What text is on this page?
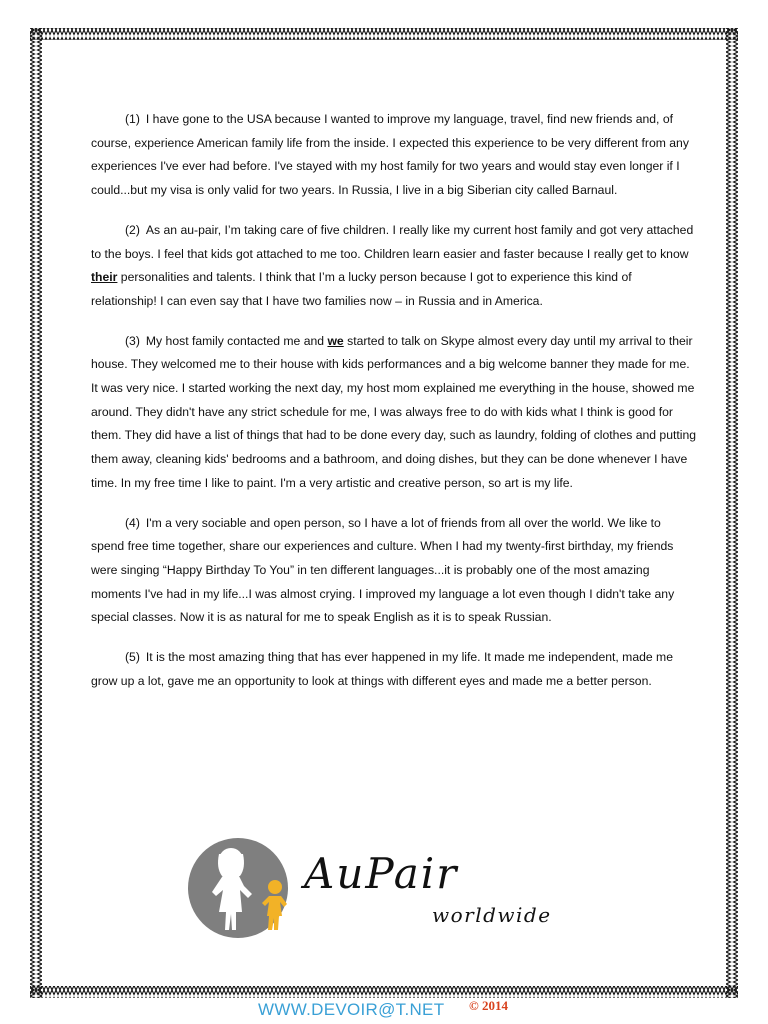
(1) I have gone to the USA because I wanted to improve my language, travel, find new friends and, of course, experience American family life from the inside. I expected this experience to be very different from any experiences I've ever had before. I've stayed with my host family for two years and would stay even longer if I could...but my visa is only valid for two years. In Russia, I live in a big Siberian city called Barnaul.

(2) As an au-pair, I’m taking care of five children. I really like my current host family and got very attached to the boys. I feel that kids got attached to me too. Children learn easier and faster because I really get to know their personalities and talents. I think that I’m a lucky person because I got to experience this kind of relationship! I can even say that I have two families now – in Russia and in America.

(3) My host family contacted me and we started to talk on Skype almost every day until my arrival to their house. They welcomed me to their house with kids performances and a big welcome banner they made for me. It was very nice. I started working the next day, my host mom explained me everything in the house, showed me around. They didn't have any strict schedule for me, I was always free to do with kids what I think is good for them. They did have a list of things that had to be done every day, such as laundry, folding of clothes and putting them away, cleaning kids' bedrooms and a bathroom, and doing dishes, but they can be done whenever I have time. In my free time I like to paint. I'm a very artistic and creative person, so art is my life.

(4) I'm a very sociable and open person, so I have a lot of friends from all over the world. We like to spend free time together, share our experiences and culture. When I had my twenty-first birthday, my friends were singing “Happy Birthday To You” in ten different languages...it is probably one of the most amazing moments I've had in my life...I was almost crying. I improved my language a lot even though I didn't take any special classes. Now it is as natural for me to speak English as it is to speak Russian.

(5) It is the most amazing thing that has ever happened in my life. It made me independent, made me grow up a lot, gave me an opportunity to look at things with different eyes and made me a better person.

AuPair
worldwide
WWW.DEVOIR@T.NET © 2014
